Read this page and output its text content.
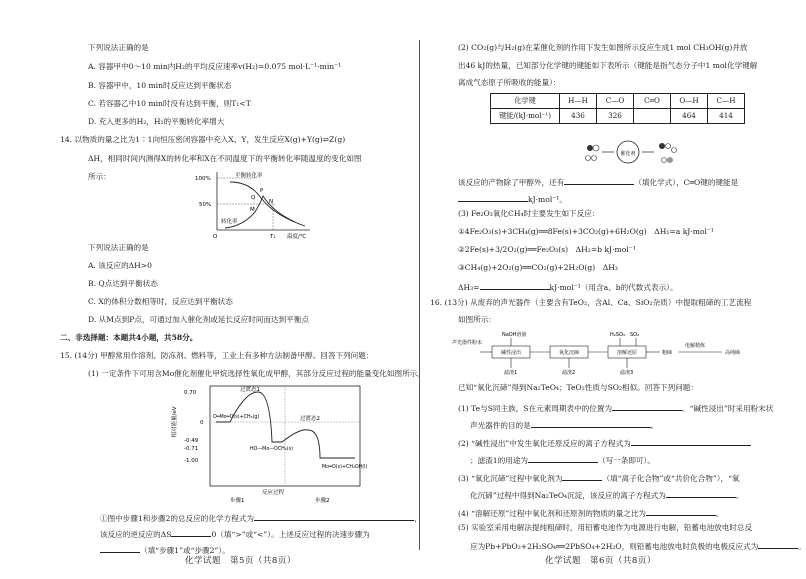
下列说法正确的是
A. 容器甲中0～10 min内H₂的平均反应速率v(H₂)=0.075 mol·L⁻¹·min⁻¹
B. 容器甲中，10 min时反应达到平衡状态
C. 若容器乙中10 min时没有达到平衡，则T₁<T
D. 充入更多的H₂，H₂的平衡转化率增大
14. 以物质的量之比为1∶1向恒压密闭容器中充入X、Y，发生反应X(g)+Y(g)⇌Z(g)
ΔH，相同时间内测得X的转化率和X在不同温度下的平衡转化率随温度的变化如图
所示：	100%
50%
平衡转化率
P
Q
M
N
转化率
O	T₁ 温度/℃
下列说法正确的是
A. 该反应的ΔH>0
B. Q点达到平衡状态
C. X的体积分数相等时，反应达到平衡状态
D. 从M点到P点，可通过加入催化剂或延长反应时间而达到平衡点
二、非选择题：本题共4小题，共58分。
15. (14分) 甲醇常用作溶剂、防冻剂、燃料等，工业上有多种方法制备甲醇。回答下列问题：
(1) 一定条件下可用含Mo催化剂催化甲烷选择性氧化成甲醇，其部分反应过程的能量变化如图所示。
0.70
0
-0.49
-0.71
-1.00
相对能量/eV
过渡态1
过渡态2
O═Mo═O(s)+CH₄(g)
HO—Mo—OCH₃(s)
Mo═O(s)+CH₃OH(l)
反应过程
步骤1	步骤2
①图中步骤1和步骤2的总反应的化学方程式为	，
该反应的逆反应的ΔS	0（填“>”或“<”）。上述反应过程的决速步骤为
（填“步骤1”或“步骤2”）。
化学试题　第5页（共8页）
(2) CO₂(g)与H₂(g)在某催化剂的作用下发生如图所示反应生成1 mol CH₃OH(g)并放
出46 kJ的热量，已知部分化学键的键能如下表所示（键能是指气态分子中1 mol化学键解
离成气态原子所吸收的能量）：
化学键	H—H	C—O	C═O	O—H	C—H
键能/(kJ·mol⁻¹)	436	326		464	414
催化剂
该反应的产物除了甲醇外，还有	（填化学式），C═O键的键能是
kJ·mol⁻¹。
(3) Fe₂O₃氧化CH₄时主要发生如下反应：
①4Fe₂O₃(s)+3CH₄(g)══8Fe(s)+3CO₂(g)+6H₂O(g)　ΔH₁=a kJ·mol⁻¹
②2Fe(s)+3/2O₂(g)══Fe₂O₃(s)　ΔH₂=b kJ·mol⁻¹
③CH₄(g)+2O₂(g)══CO₂(g)+2H₂O(g)　ΔH₃
ΔH₃=	kJ·mol⁻¹（用含a、b的代数式表示）。
16. (13分) 从废弃的声光器件（主要含有TeO₂，含Al、Ca、SiO₂杂质）中提取粗碲的工艺流程
如图所示：
声光器件粉末
碱性浸出	氧化沉碲	溶解还原	粗碲
电解精炼
高纯碲
NaOH溶液	H₂SO₄ SO₂
滤渣1	滤渣2	滤渣3
已知“氧化沉碲”得到Na₂TeO₄；TeO₂性质与SO₂相似。回答下列问题：
(1) Te与S同主族，S在元素周期表中的位置为	。“碱性浸出”时采用粉末状
声光器件的目的是	。
(2) “碱性浸出”中发生氧化还原反应的离子方程式为
；滤渣1的用途为	（写一条即可）。
(3) “氧化沉碲”过程中氧化剂为	（填“离子化合物”或“共价化合物”），“氧
化沉碲”过程中得到Na₂TeO₄沉淀，该反应的离子方程式为	。
(4) “溶解还原”过程中氧化剂和还原剂的物质的量之比为	。
(5) 实验室采用电解法提纯粗碲时，用铅蓄电池作为电源进行电解，铅蓄电池放电时总反
应为Pb+PbO₂+2H₂SO₄══2PbSO₄+2H₂O，则铅蓄电池放电时负极的电极反应式为	。
化学试题　第6页（共8页）
